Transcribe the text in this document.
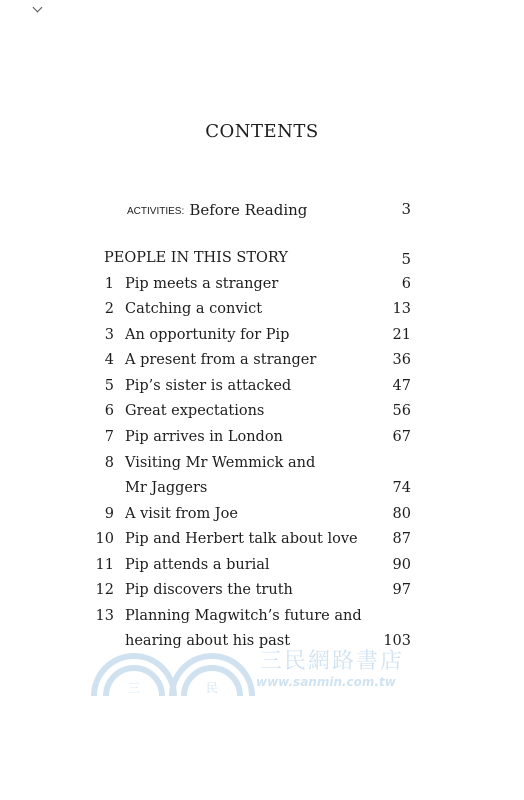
CONTENTS
ACTIVITIES: Before Reading	3
PEOPLE IN THIS STORY	5
1 Pip meets a stranger	6
2 Catching a convict	13
3 An opportunity for Pip	21
4 A present from a stranger	36
5 Pip’s sister is attacked	47
6 Great expectations	56
7 Pip arrives in London	67
8 Visiting Mr Wemmick and
Mr Jaggers	74
9 A visit from Joe	80
10 Pip and Herbert talk about love 87
11 Pip attends a burial	90
12 Pip discovers the truth	97
13 Planning Magwitch’s future and
hearing about his past	103
三	民
三民網路書店
www.sanmin.com.tw
